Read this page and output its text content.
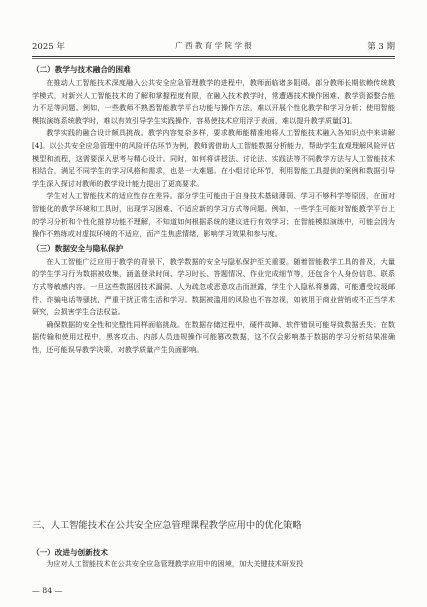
2025 年	广 西 教 育 学 院 学 报	第 3 期
（二）教学与技术融合的困难

在推动人工智能技术深度融入公共安全应急管理教学的进程中，教师面临诸多阻碍。部分教师长期依赖传统教学模式，对新兴人工智能技术的了解和掌握程度有限，在融入技术教学时，常遭遇技术操作困难、教学资源整合能力不足等问题。例如，一些教师不熟悉智能教学平台功能与操作方法，难以开展个性化教学和学习分析；使用智能模拟演练系统教学时，难以有效引导学生实践操作，容易使技术应用浮于表面，难以提升教学质量[3]。

教学实践的融合设计颇具挑战。教学内容复杂多样，要求教师能精准地将人工智能技术融入各知识点中来讲解[4]。以公共安全应急管理中的风险评估环节为例，教师需借助人工智能数据分析能力，帮助学生直观理解风险评估模型和流程，这需要深入思考与精心设计。同时，如何将讲授法、讨论法、实践法等不同教学方法与人工智能技术相结合，满足不同学生的学习风格和需求，也是一大难题。在小组讨论环节，利用智能工具提供的案例和数据引导学生深入探讨对教师的教学设计能力提出了更高要求。

学生对人工智能技术的适应性存在差异。部分学生可能由于自身技术基础薄弱、学习不够科学等原因，在面对智能化的教学环境和工具时，出现学习困难、不适应新的学习方式等问题。例如，一些学生可能对智能教学平台上的学习分析和个性化推荐功能不理解，不知道如何根据系统的建议进行有效学习；在智能模拟演练中，可能会因为操作不熟练或对虚拟环境的不适应，而产生焦虑情绪，影响学习效果和参与度。

（三）数据安全与隐私保护

在人工智能广泛应用于教学的背景下，教学数据的安全与隐私保护至关重要。随着智能教学工具的普及，大量的学生学习行为数据被收集，涵盖登录时间、学习时长、答题情况、作业完成细节等，还包含个人身份信息、联系方式等敏感内容。一旦这些数据因技术漏洞、人为疏忽或恶意攻击而泄露，学生个人隐私将暴露，可能遭受垃圾邮件、诈骗电话等骚扰，严重干扰正常生活和学习。数据被滥用的风险也不容忽视，如被用于商业营销或不正当学术研究，会损害学生合法权益。

确保数据的安全性和完整性同样面临挑战。在数据存储过程中，硬件故障、软件错误可能导致数据丢失；在数据传输和使用过程中，黑客攻击、内部人员违规操作可能篡改数据，这不仅会影响基于数据的学习分析结果准确性，还可能误导教学决策，对教学质量产生负面影响。

三、人工智能技术在公共安全应急管理课程教学应用中的优化策略
（一）改进与创新技术

为应对人工智能技术在公共安全应急管理教学应用中的困境，加大关键技术研发投

— 84 —
